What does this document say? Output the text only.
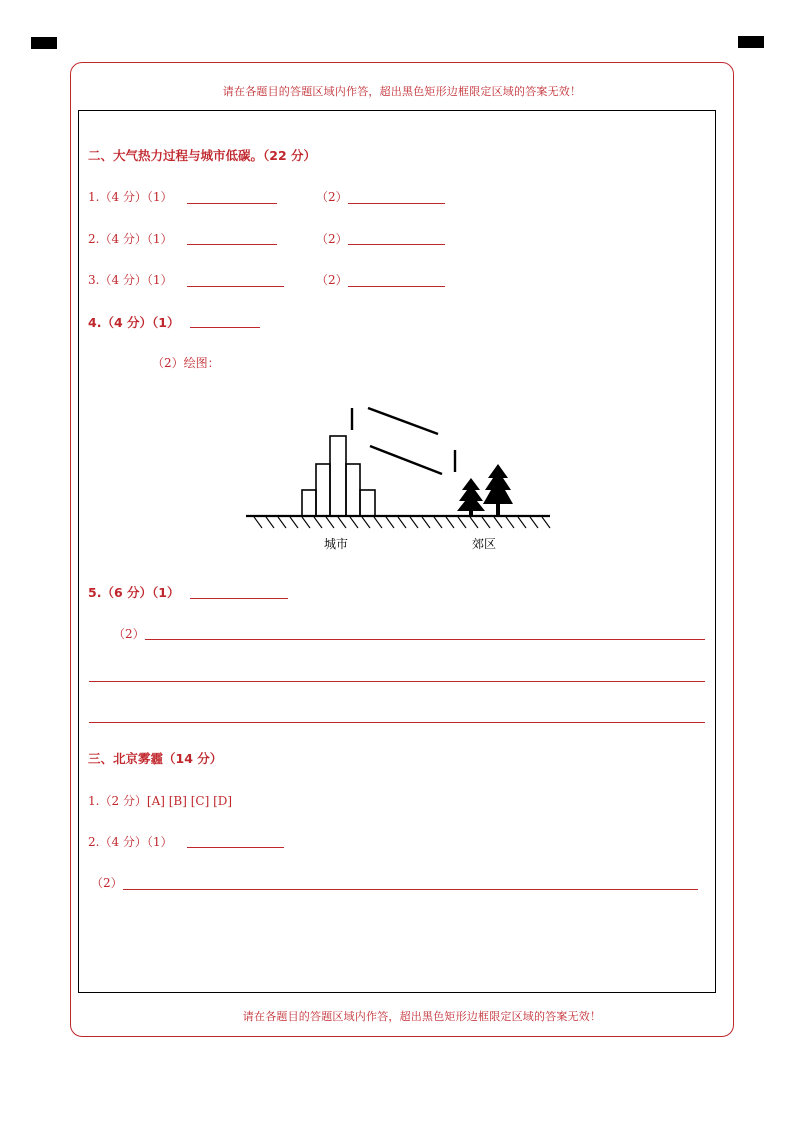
请在各题目的答题区域内作答，超出黑色矩形边框限定区域的答案无效！
请在各题目的答题区域内作答，超出黑色矩形边框限定区域的答案无效！
二、大气热力过程与城市低碳。（22 分）
1.（4 分）（1）	（2）
2.（4 分）（1）	（2）
3.（4 分）（1）	（2）
4.（4 分）（1）
（2）绘图：
城市	郊区
5.（6 分）（1）
（2）
三、北京雾霾（14 分）
1.（2 分）[A] [B] [C] [D]
2.（4 分）（1）
（2）
